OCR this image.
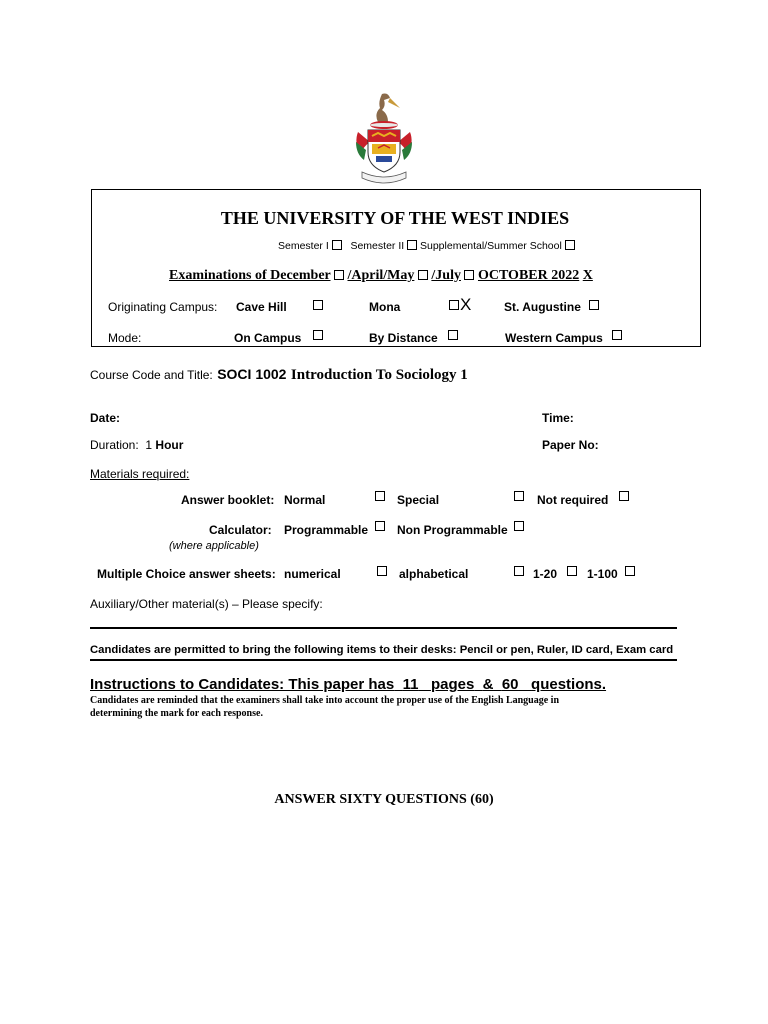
THE UNIVERSITY OF THE WEST INDIES
Semester I Semester II Supplemental/Summer School
Examinations of December /April/May /July OCTOBER 2022 X
Originating Campus: Cave Hill	Mona	X	St. Augustine
Mode:	On Campus	By Distance	Western Campus
Course Code and Title: SOCI 1002 Introduction To Sociology 1
Date:	Time:
Duration: 1 Hour	Paper No:
Materials required:
Answer booklet: Normal	Special	Not required
Calculator: Programmable Non Programmable
(where applicable)
Multiple Choice answer sheets: numerical	alphabetical	1-20 1-100
Auxiliary/Other material(s) – Please specify:
Candidates are permitted to bring the following items to their desks: Pencil or pen, Ruler, ID card, Exam card
Instructions to Candidates: This paper has 11 pages & 60 questions.
Candidates are reminded that the examiners shall take into account the proper use of the English Language in
determining the mark for each response.
ANSWER SIXTY QUESTIONS (60)
